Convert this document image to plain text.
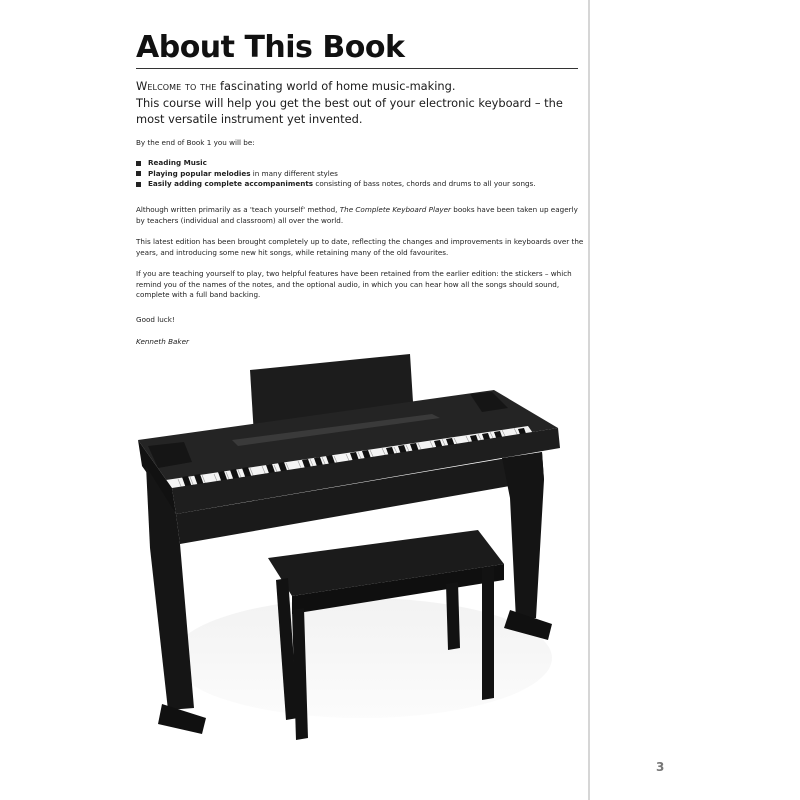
About This Book
Welcome to the fascinating world of home music-making.
This course will help you get the best out of your electronic keyboard – the most versatile instrument yet invented.
By the end of Book 1 you will be:
Reading Music
Playing popular melodies in many different styles
Easily adding complete accompaniments consisting of bass notes, chords and drums to all your songs.
Although written primarily as a 'teach yourself' method, The Complete Keyboard Player books have been taken up eagerly by teachers (individual and classroom) all over the world.
This latest edition has been brought completely up to date, reflecting the changes and improvements in keyboards over the years, and introducing some new hit songs, while retaining many of the old favourites.
If you are teaching yourself to play, two helpful features have been retained from the earlier edition: the stickers – which remind you of the names of the notes, and the optional audio, in which you can hear how all the songs should sound, complete with a full band backing.
Good luck!
Kenneth Baker
3
